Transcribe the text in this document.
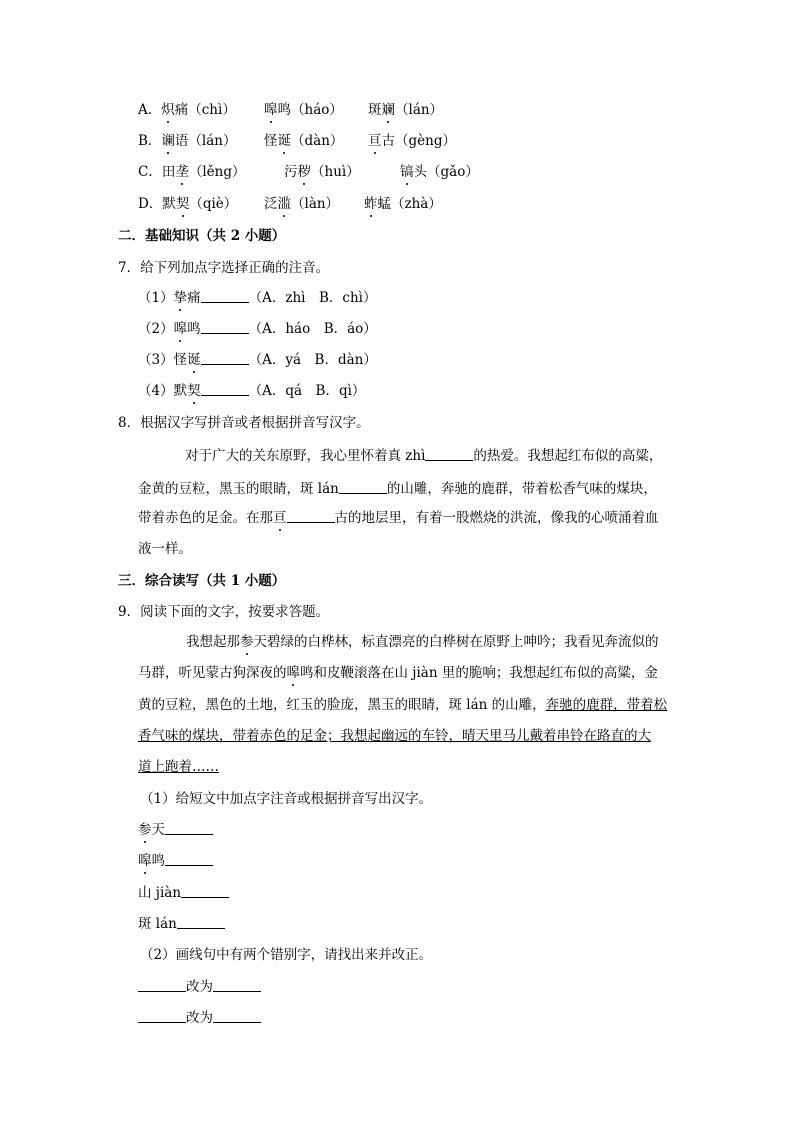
A．炽痛（chì） 嗥鸣（háo） 斑斓（lán）
B．谰语（lán） 怪诞（dàn） 亘古（gèng）
C．田垄（lěng）	污秽（huì）	镐头（gǎo）
D．默契（qiè） 泛滥（làn） 蚱蜢（zhà）
二．基础知识（共 2 小题）
7．给下列加点字选择正确的注音。
（1）挚痛	（A．zhì　B．chì）
（2）嗥鸣	（A．háo　B．áo）
（3）怪诞	（A．yá　B．dàn）
（4）默契	（A．qá　B．qì）
8．根据汉字写拼音或者根据拼音写汉字。
对于广大的关东原野，我心里怀着真 zhì	的热爱。我想起红布似的高粱，
金黄的豆粒，黑玉的眼睛，斑 lán	的山雕，奔驰的鹿群，带着松香气味的煤块，
带着赤色的足金。在那亘	古的地层里，有着一股燃烧的洪流，像我的心喷涌着血
液一样。
三．综合读写（共 1 小题）
9．阅读下面的文字，按要求答题。
我想起那参天碧绿的白桦林，标直漂亮的白桦树在原野上呻吟；我看见奔流似的
马群，听见蒙古狗深夜的嗥鸣和皮鞭滚落在山 jiàn 里的脆响；我想起红布似的高粱，金
黄的豆粒，黑色的土地，红玉的脸庞，黑玉的眼睛，斑 lán 的山雕，奔驰的鹿群，带着松
香气味的煤块，带着赤色的足金；我想起幽远的车铃，晴天里马儿戴着串铃在路直的大
道上跑着……
（1）给短文中加点字注音或根据拼音写出汉字。
参天
嗥鸣
山 jiàn
斑 lán
（2）画线句中有两个错别字，请找出来并改正。
改为
改为
